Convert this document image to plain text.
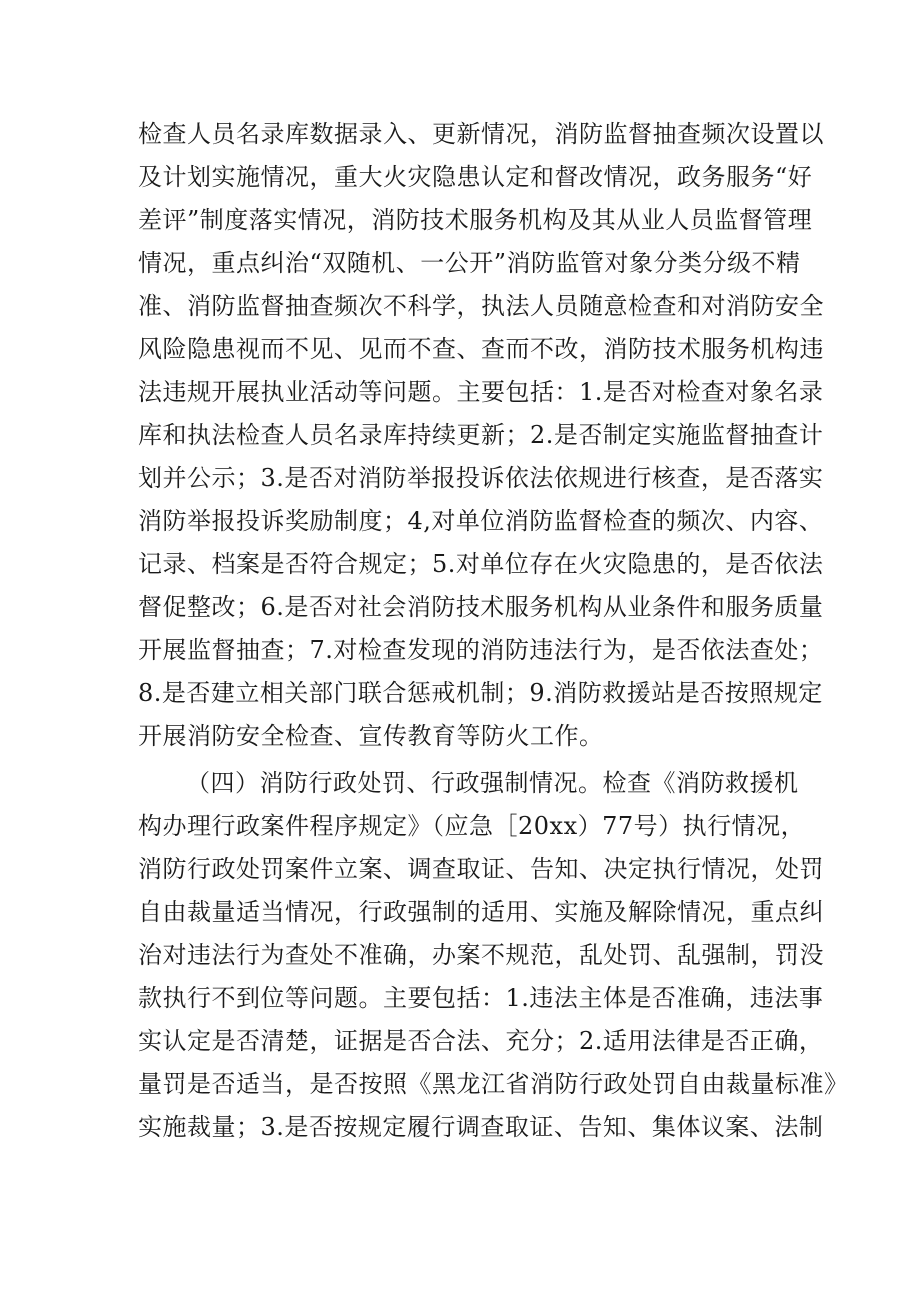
检查人员名录库数据录入、更新情况，消防监督抽查频次设置以
及计划实施情况，重大火灾隐患认定和督改情况，政务服务“好
差评”制度落实情况，消防技术服务机构及其从业人员监督管理
情况，重点纠治“双随机、一公开”消防监管对象分类分级不精
准、消防监督抽查频次不科学，执法人员随意检查和对消防安全
风险隐患视而不见、见而不查、查而不改，消防技术服务机构违
法违规开展执业活动等问题。主要包括：1.是否对检查对象名录
库和执法检查人员名录库持续更新；2.是否制定实施监督抽查计
划并公示；3.是否对消防举报投诉依法依规进行核查，是否落实
消防举报投诉奖励制度；4,对单位消防监督检查的频次、内容、
记录、档案是否符合规定；5.对单位存在火灾隐患的，是否依法
督促整改；6.是否对社会消防技术服务机构从业条件和服务质量
开展监督抽查；7.对检查发现的消防违法行为，是否依法查处；
8.是否建立相关部门联合惩戒机制；9.消防救援站是否按照规定
开展消防安全检查、宣传教育等防火工作。
（四）消防行政处罚、行政强制情况。检查《消防救援机
构办理行政案件程序规定》（应急［20xx）77号）执行情况，
消防行政处罚案件立案、调查取证、告知、决定执行情况，处罚
自由裁量适当情况，行政强制的适用、实施及解除情况，重点纠
治对违法行为查处不准确，办案不规范，乱处罚、乱强制，罚没
款执行不到位等问题。主要包括：1.违法主体是否准确，违法事
实认定是否清楚，证据是否合法、充分；2.适用法律是否正确，
量罚是否适当，是否按照《黑龙江省消防行政处罚自由裁量标准》
实施裁量；3.是否按规定履行调查取证、告知、集体议案、法制
